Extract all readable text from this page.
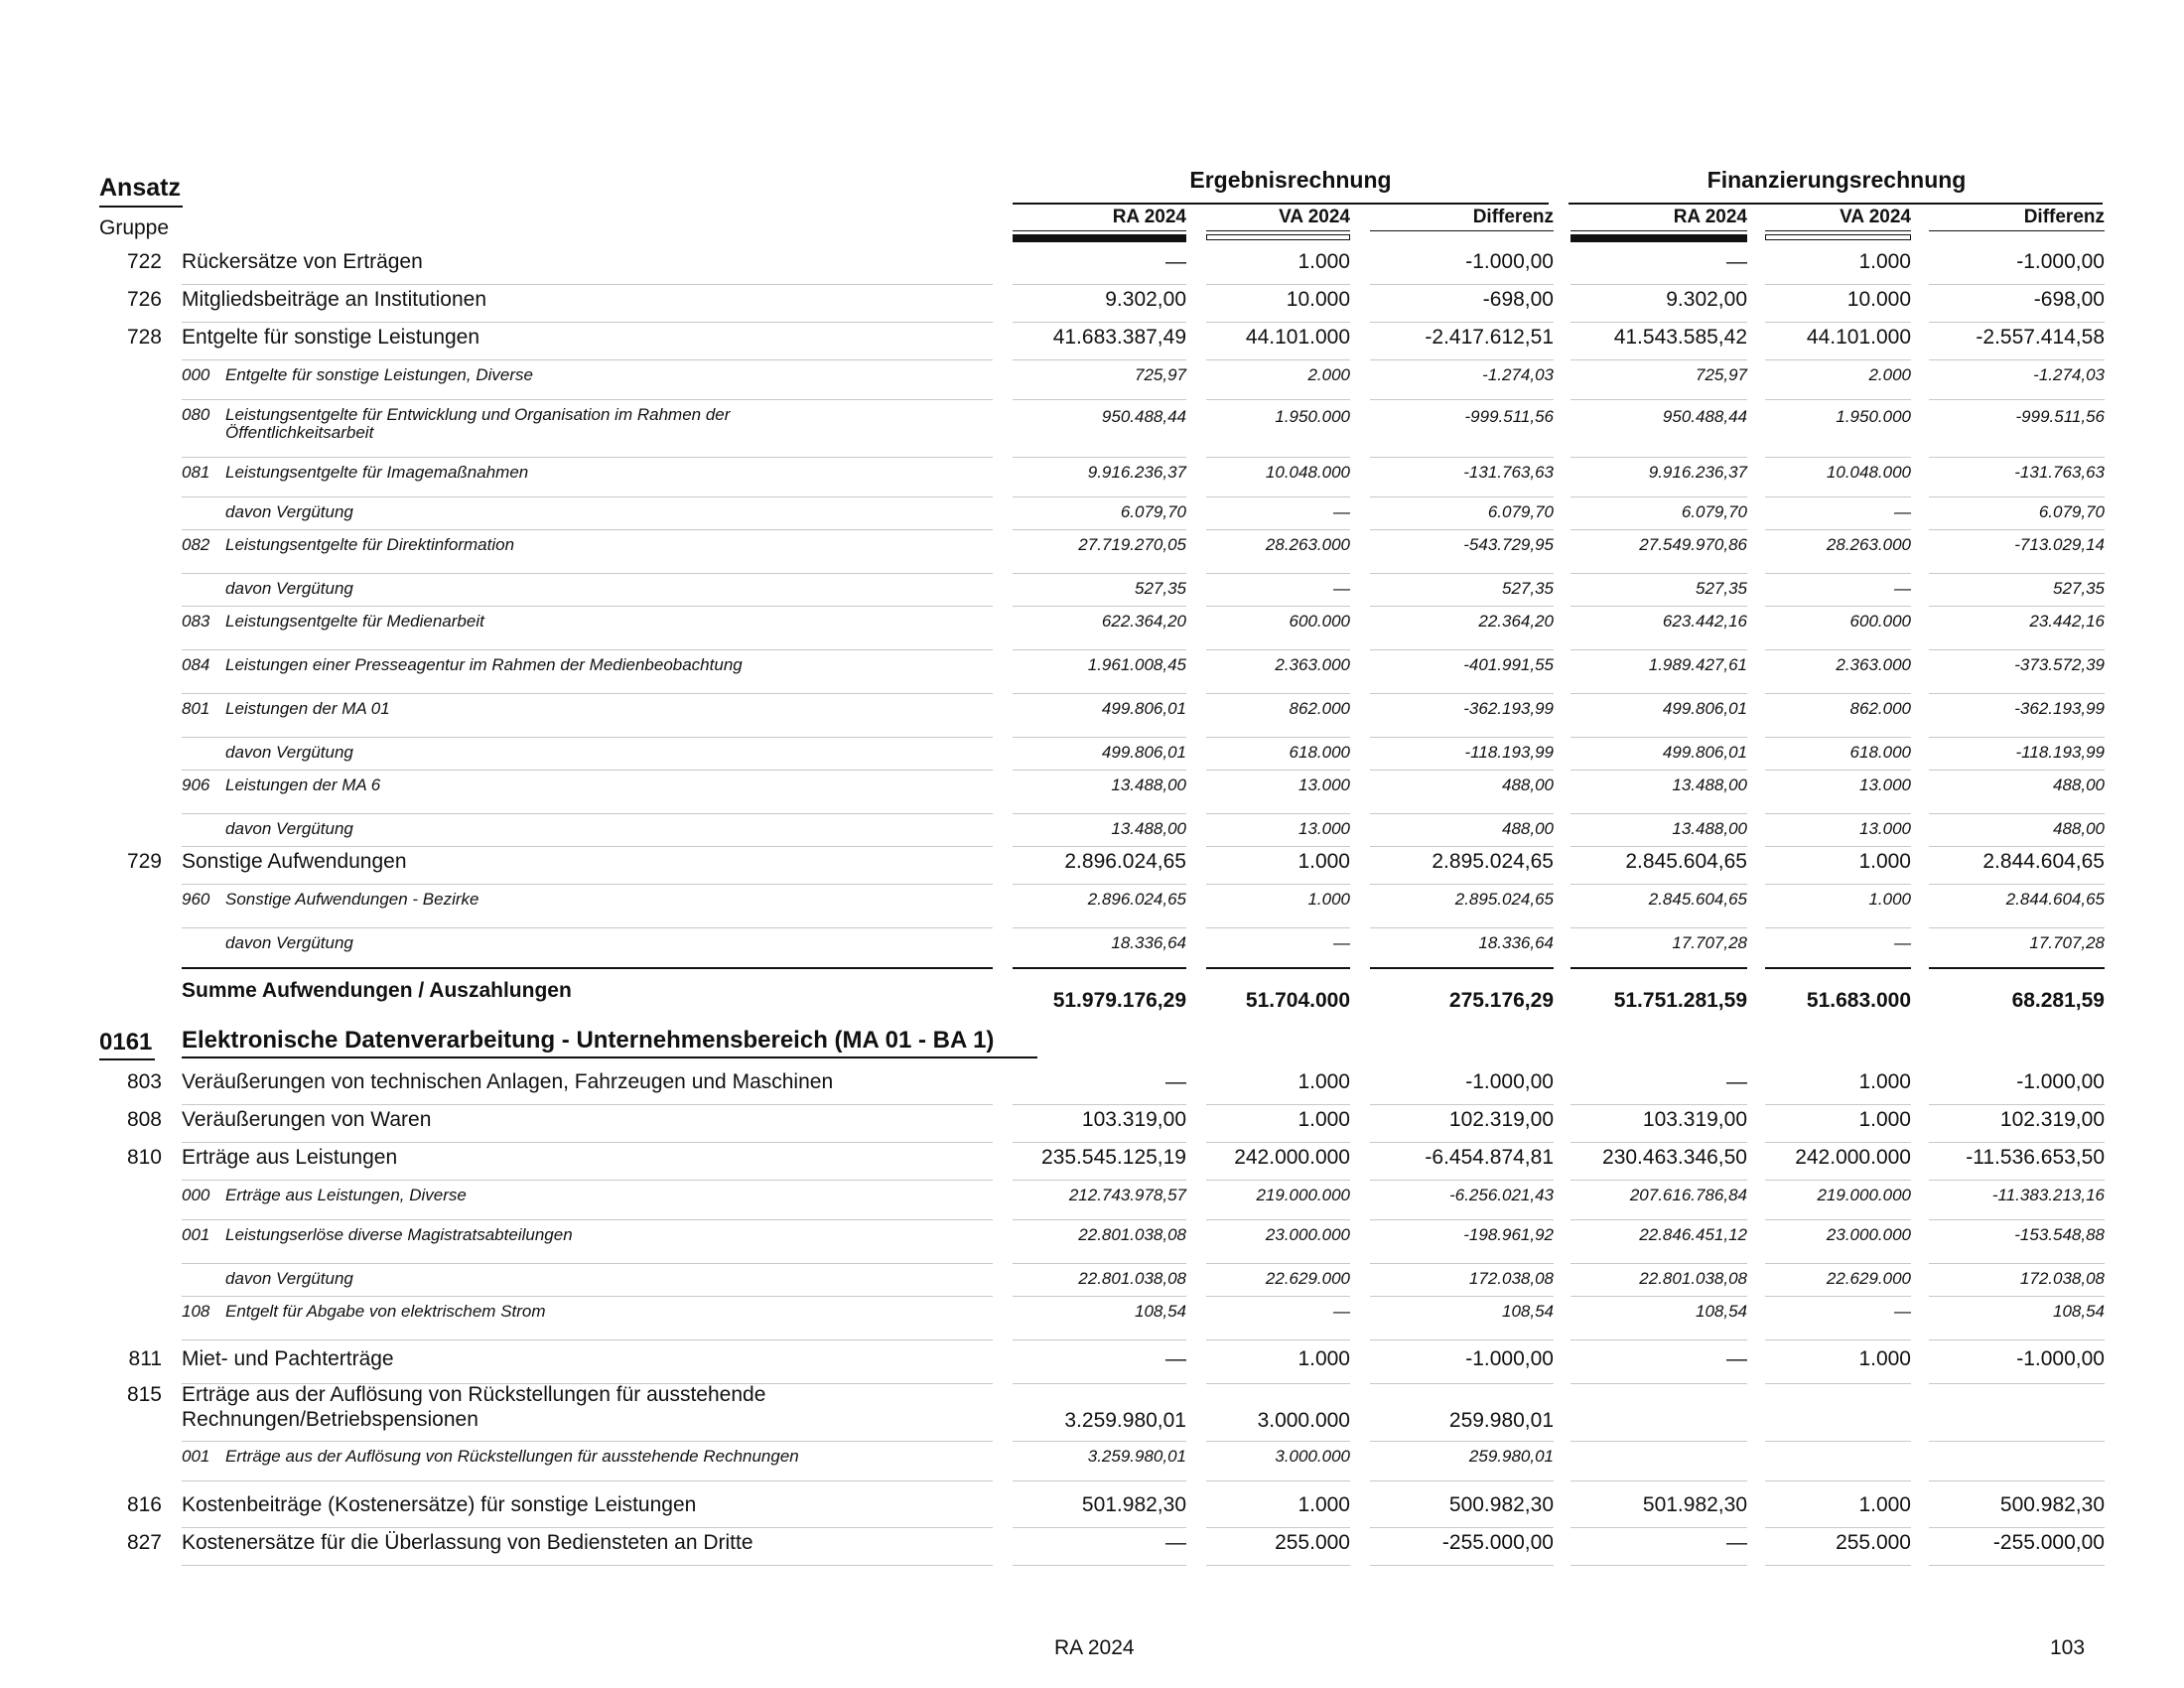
Ansatz
Gruppe
Ergebnisrechnung	Finanzierungsrechnung
RA 2024	VA 2024	Differenz	RA 2024	VA 2024	Differenz
722 Rückersätze von Erträgen	—	1.000	-1.000,00	—	1.000	-1.000,00
726 Mitgliedsbeiträge an Institutionen	9.302,00	10.000	-698,00	9.302,00	10.000	-698,00
728 Entgelte für sonstige Leistungen	41.683.387,49	44.101.000	-2.417.612,51	41.543.585,42	44.101.000	-2.557.414,58
000 Entgelte für sonstige Leistungen, Diverse	725,97	2.000	-1.274,03	725,97	2.000	-1.274,03
080 Leistungsentgelte für Entwicklung und Organisation im Rahmen der
Öffentlichkeitsarbeit
950.488,44	1.950.000	-999.511,56	950.488,44	1.950.000	-999.511,56
081 Leistungsentgelte für Imagemaßnahmen	9.916.236,37	10.048.000	-131.763,63	9.916.236,37	10.048.000	-131.763,63
davon Vergütung	6.079,70	—	6.079,70	6.079,70	—	6.079,70
082 Leistungsentgelte für Direktinformation	27.719.270,05	28.263.000	-543.729,95	27.549.970,86	28.263.000	-713.029,14
davon Vergütung	527,35	—	527,35	527,35	—	527,35
083 Leistungsentgelte für Medienarbeit	622.364,20	600.000	22.364,20	623.442,16	600.000	23.442,16
084 Leistungen einer Presseagentur im Rahmen der Medienbeobachtung	1.961.008,45	2.363.000	-401.991,55	1.989.427,61	2.363.000	-373.572,39
801 Leistungen der MA 01	499.806,01	862.000	-362.193,99	499.806,01	862.000	-362.193,99
davon Vergütung	499.806,01	618.000	-118.193,99	499.806,01	618.000	-118.193,99
906 Leistungen der MA 6	13.488,00	13.000	488,00	13.488,00	13.000	488,00
davon Vergütung	13.488,00	13.000	488,00	13.488,00	13.000	488,00
729 Sonstige Aufwendungen	2.896.024,65	1.000	2.895.024,65	2.845.604,65	1.000	2.844.604,65
960 Sonstige Aufwendungen - Bezirke	2.896.024,65	1.000	2.895.024,65	2.845.604,65	1.000	2.844.604,65
davon Vergütung	18.336,64	—	18.336,64	17.707,28	—	17.707,28
Summe Aufwendungen / Auszahlungen	51.979.176,29	51.704.000	275.176,29	51.751.281,59	51.683.000	68.281,59
0161 Elektronische Datenverarbeitung - Unternehmensbereich (MA 01 - BA 1)
803 Veräußerungen von technischen Anlagen, Fahrzeugen und Maschinen	—	1.000	-1.000,00	—	1.000	-1.000,00
808 Veräußerungen von Waren	103.319,00	1.000	102.319,00	103.319,00	1.000	102.319,00
810 Erträge aus Leistungen	235.545.125,19	242.000.000	-6.454.874,81	230.463.346,50	242.000.000	-11.536.653,50
000 Erträge aus Leistungen, Diverse	212.743.978,57	219.000.000	-6.256.021,43	207.616.786,84	219.000.000	-11.383.213,16
001 Leistungserlöse diverse Magistratsabteilungen	22.801.038,08	23.000.000	-198.961,92	22.846.451,12	23.000.000	-153.548,88
davon Vergütung	22.801.038,08	22.629.000	172.038,08	22.801.038,08	22.629.000	172.038,08
108 Entgelt für Abgabe von elektrischem Strom	108,54	—	108,54	108,54	—	108,54
811 Miet- und Pachterträge	—	1.000	-1.000,00	—	1.000	-1.000,00
815 Erträge aus der Auflösung von Rückstellungen für ausstehende
Rechnungen/Betriebspensionen	3.259.980,01	3.000.000	259.980,01
001 Erträge aus der Auflösung von Rückstellungen für ausstehende Rechnungen	3.259.980,01	3.000.000	259.980,01
816 Kostenbeiträge (Kostenersätze) für sonstige Leistungen	501.982,30	1.000	500.982,30	501.982,30	1.000	500.982,30
827 Kostenersätze für die Überlassung von Bediensteten an Dritte	—	255.000	-255.000,00	—	255.000	-255.000,00
RA 2024	103
